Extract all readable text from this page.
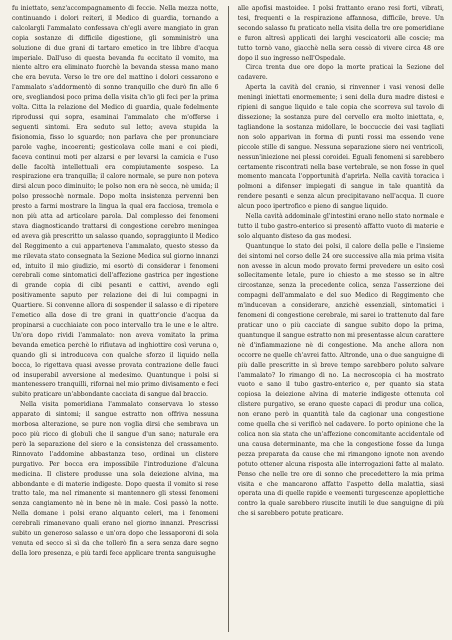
fu iniettato, senz'accompagnamento di feccie. Nella mezza notte, continuando i dolori reiteri, il Medico di guardia, tornando a calcolargli l'ammalato confessava ch'egli avere mangiato in gran copia sostanze di difficile digestione, gli somministrò una soluzione di due grani di tartaro emetico in tre libbre d'acqua imperiale. Dall'uso di questa bevanda fu eccitato il vomito, ma niente altro era eliminato fuorchè la bevanda stessa mano mano che era bevuta. Verso le tre ore del mattino i dolori cessarono e l'ammalato s'addormentò di sonno tranquillo che durò fin alle 6 ore, svegliandosi poco prima della visita ch'io gli feci per la prima volta. Citta la relazione del Medico di guardia, quale fedelmente riprodussi qui sopra, esaminai l'ammalato che m'offerse i seguenti sintomi. Era seduto sul letto; aveva stupida la fisionomia, fisso lo sguardo; non parlava che per pronunciare parole vaghe, incoerenti; gesticolava colle mani e coi piedi, faceva continui moti per alzarsi e per levarsi la camicia e l'uso delle facoltà intellettuali era compiutamente sospeso. La respirazione era tranquilla; il calore normale, se pure non poteva dirsi alcun poco diminuito; le polso non era nè secca, nè umida; il polso pressochè normale. Dopo molta insistenza pervenni ben presto a farmi mostrare la lingua la qual era facciosa, tremola e non più atta ad articolare parola. Dal complesso dei fenomeni stava diagnosticando trattarsi di congestione cerebro meningea ed aveva già prescritto un salasso quando, sopraggiunto il Medico del Reggimento a cui apparteneva l'ammalato, questo stesso da me rilevata stato consegnata la Sezione Medica sul giorno innanzi ed, intuito il mio giudizio, mi esortò di considerar i fenomeni cerebrali come sintomatici dell'affezione gastrica per ingestione di grande copia di cibi pesanti e cattivi, avendo egli positivamente saputo per relazione dei di lui compagni in Quartiere. Si convenne allora di sospender il salasso e di ripetere l'emetico alla dose di tre grani in quattr'oncie d'acqua da propinarsi a cucchiaiate con poco intervallo tra le une e le altre. Un'ora dopo rividi l'ammalato: non aveva vomitato la prima bevanda emetica perchè lo rifiutava ad inghiottire così veruna o, quando gli si introduceva con qualche sforzo il liquido nella bocca, lo rigettava quasi avesse provata contrazione delle fauci od insuperabil avversione al medesimo. Quantunque i polsi si mantenessero tranquilli, rifornai nel mio primo divisamento e feci subito praticare un'abbondante cacciata di sangue dal braccio.

Nella visita pomeridiana l'ammalato conservava lo stesso apparato di sintomi; il sangue estratto non offriva nessuna morbosa alterazione, se pure non voglia dirsi che sembrava un poco più ricco di globuli che il sangue d'un sano; naturale era però la separazione del siero e la consistenza del crassamento. Rinnovato l'addomine abbastanza teso, ordinai un clistere purgativo. Per bocca era impossibile l'introduzione d'alcuna medicina. Il clistere produsse una sola deiezione alvina, ma abbondante e di materie indigeste. Dopo questa il vomito si rese tratto tale, ma nel rimanente si mantennero gli stessi fenomeni senza cangiamento nè in bene nè in male. Così passò la notte. Nella domane i polsi erano alquanto celeri, ma i fenomeni cerebrali rimanevano quali erano nel giorno innanzi. Prescrissi subito un generoso salasso e un'ora dopo che lessaporoni di sola venuta ed secco sì sì da che tollerò fin a sera senza dare segno della loro presenza, e più tardi fece applicare trenta sanguisughe

alle apofisi mastoidee. I polsi frattanto erano resi forti, vibrati, tesi, frequenti e la respirazione affannosa, difficile, breve. Un secondo salasso fu praticato nella visita della tre ore pomeridiane e furon altresì applicati dei larghi vescicatorii alle coscie; ma tutto tornò vano, giacchè nella sera cessò di vivere circa 48 ore dopo il suo ingresso nell'Ospedale.

Circa trenta due ore dopo la morte praticai la Sezione del cadavere.

Aperta la cavità del cranio, si rinvenner i vasi venosi delle meningi iniettati enormemente; i seni della dura madre distesi e ripieni di sangue liquido e tale copia che scorreva sul tavolo di dissezione; la sostanza pure del cervello era molto iniettata, e, tagliandone la sostanza midollare, le boccuccie dei vasi tagliati non solo apparivan in forma di punti rossi ma essendo vene piccole stille di sangue. Nessuna separazione siero nei ventricoli, nessun'iniezione nei plessi coroidei. Eguali fenomeni si sarebbero certamente riscontrati nella base vertebrale, se non fosse in quel momento mancata l'opportunità d'aprirla. Nella cavità toracica i polmoni a difenser impiegati di sangue in tale quantità da rendere pesanti e senza alcun precipitavano nell'acqua. Il cuore alcun poco ipertrofico e pieno di sangue liquido.

Nella cavità addominale gl'intestini erano nello stato normale e tutto il tubo gastro-enterico si presentò affatto vuoto di materie e solo alquanto disteso da gas modesi.

Quantunque lo stato dei polsi, il calore della pelle e l'insieme dei sintomi nel corso delle 24 ore successive alla mia prima visita non avesse in alcun modo provato fermi prevedere un esito così sollecitamente letale, pure io chiesto a me stesso se in altre circostanze, senza la precedente colica, senza l'asserzione dei compagni dell'ammalato e del suo Medico di Reggimento che m'inducevan a considerare, anzichè essenziali, sintomatici i fenomeni di congestione cerebrale, mi sarei io trattenuto dal fare praticar uno o più cacciate di sangue subito dopo la prima, quantunque il sangue estratto non mi presentasse alcun carattere nè d'infiammazione nè di congestione. Ma anche allora non occorre ne quelle ch'avrei fatto. Altronde, una o due sanguigne di più dalle prescritte in sì breve tempo sarebbero poluto salvare l'ammalato? Io rimango di no. La necroscopia ci ha mostrato vuoto e sano il tubo gastro-enterico e, per quanto sia stata copiosa la deiezione alvina di materie indigeste ottenuta col clistere purgativo, se erano queste capaci di produr una colica, non erano però in quantità tale da cagionar una congestione come quella che si verificò nel cadavere. Io porto opinione che la colica non sia stata che un'affezione concomitante accidentale od una causa determinante, ma che la congestione fosse da lunga pezza preparata da cause che mi rimangono ignote non avendo potuto ottener alcuna risposta alle interrogazioni fatte al malato. Penso che nelle tre ore di sonno che precedettero la mia prima visita e che mancarono affatto l'aspetto della malattia, siasi operata una di quelle rapide e veementi turgescenze apoplettiche contro la quale sarebbero riuscite inutili le due sanguigne di più che si sarebbero potute praticare.
